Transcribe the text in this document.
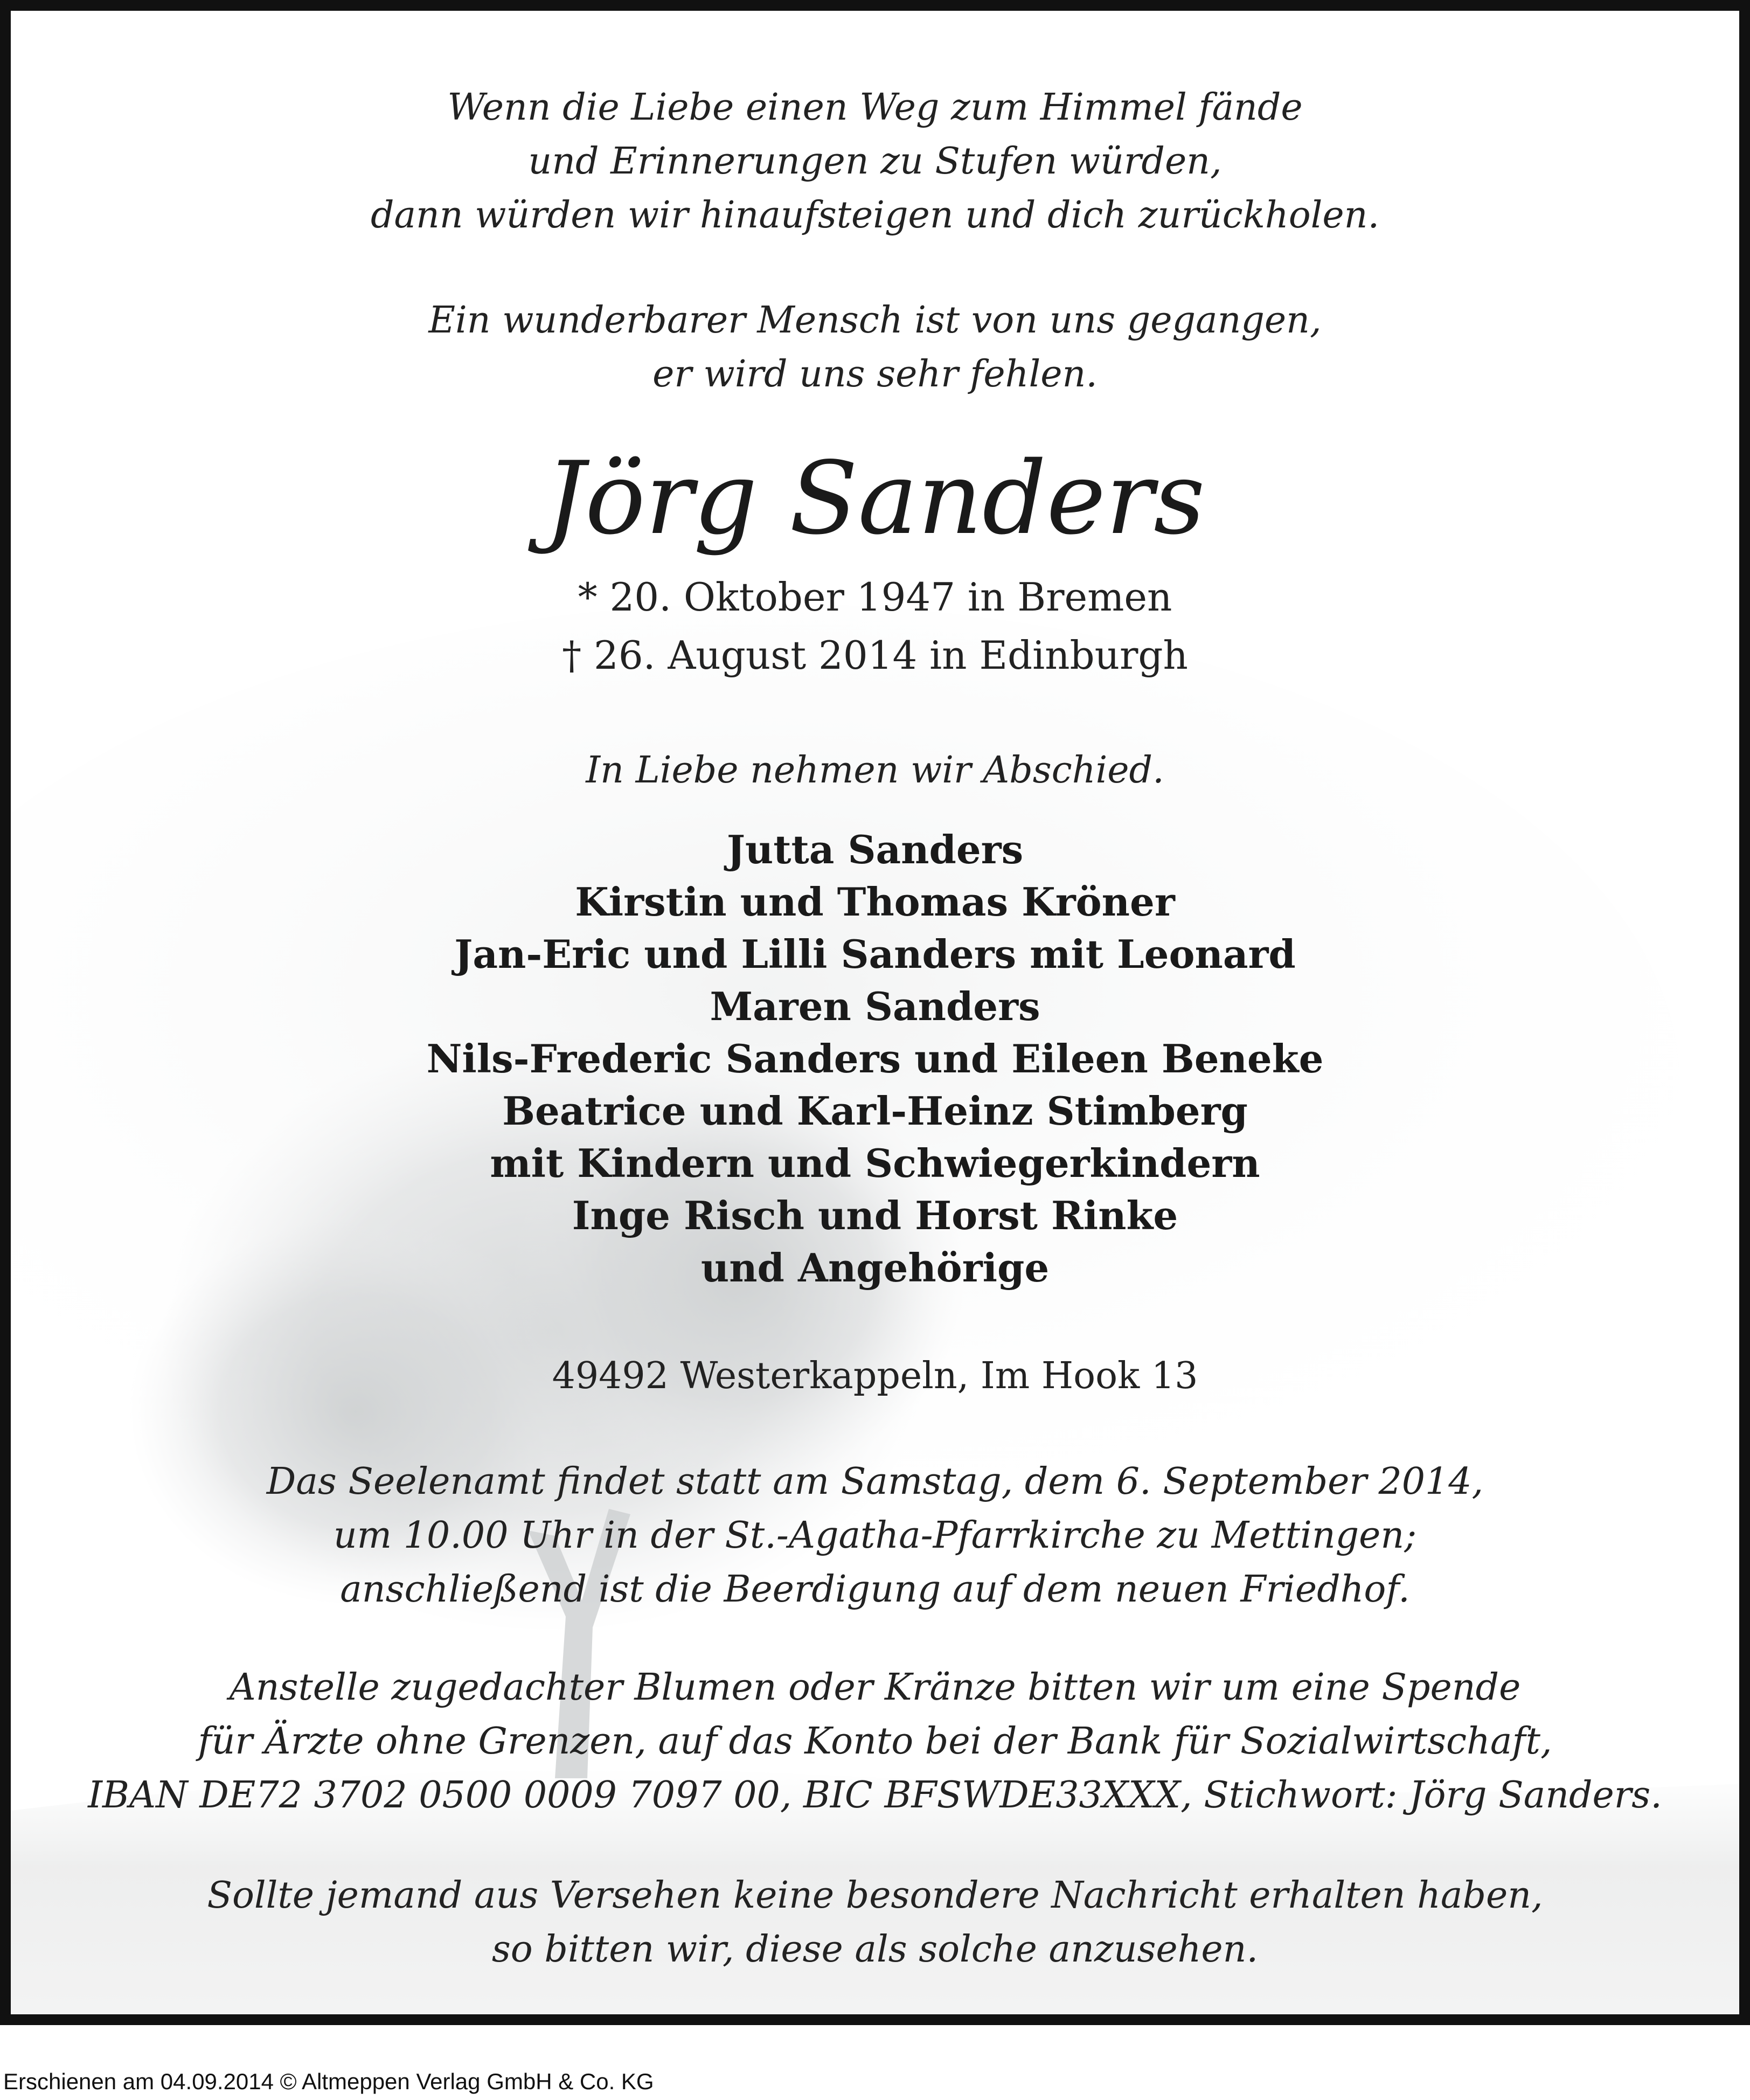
Wenn die Liebe einen Weg zum Himmel fände
und Erinnerungen zu Stufen würden,
dann würden wir hinaufsteigen und dich zurückholen.
Ein wunderbarer Mensch ist von uns gegangen,
er wird uns sehr fehlen.
Jörg Sanders
* 20. Oktober 1947 in Bremen
† 26. August 2014 in Edinburgh
In Liebe nehmen wir Abschied.
Jutta Sanders
Kirstin und Thomas Kröner
Jan-Eric und Lilli Sanders mit Leonard
Maren Sanders
Nils-Frederic Sanders und Eileen Beneke
Beatrice und Karl-Heinz Stimberg
mit Kindern und Schwiegerkindern
Inge Risch und Horst Rinke
und Angehörige
49492 Westerkappeln, Im Hook 13
Das Seelenamt findet statt am Samstag, dem 6. September 2014,
um 10.00 Uhr in der St.-Agatha-Pfarrkirche zu Mettingen;
anschließend ist die Beerdigung auf dem neuen Friedhof.
Anstelle zugedachter Blumen oder Kränze bitten wir um eine Spende
für Ärzte ohne Grenzen, auf das Konto bei der Bank für Sozialwirtschaft,
IBAN DE72 3702 0500 0009 7097 00, BIC BFSWDE33XXX, Stichwort: Jörg Sanders.
Sollte jemand aus Versehen keine besondere Nachricht erhalten haben,
so bitten wir, diese als solche anzusehen.
Erschienen am 04.09.2014 © Altmeppen Verlag GmbH & Co. KG
